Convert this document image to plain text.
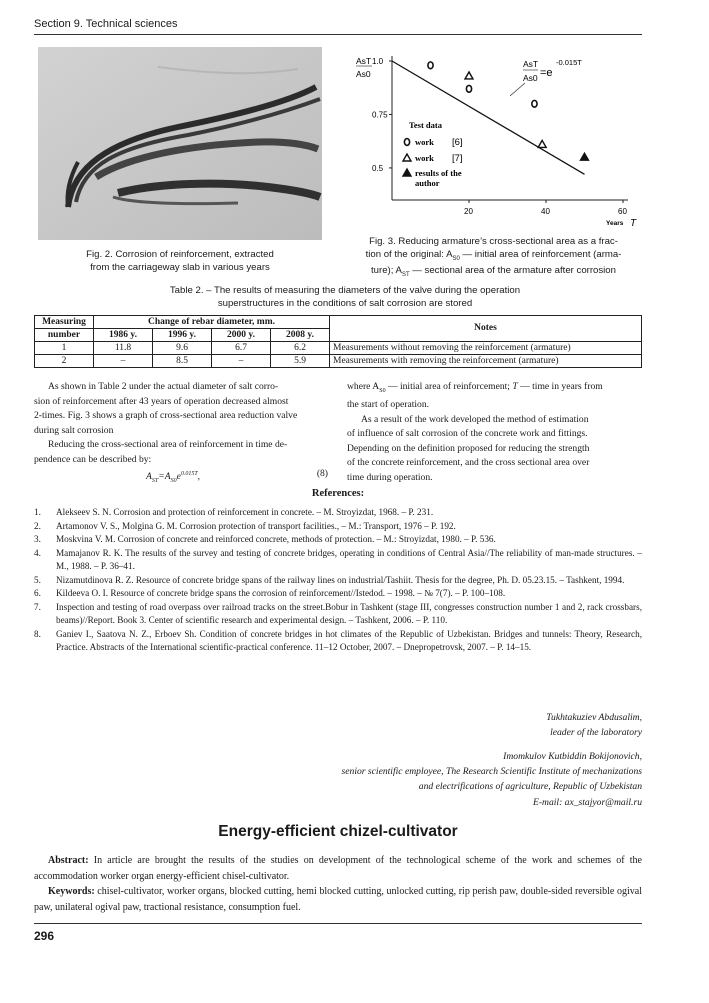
Section 9. Technical sciences
Fig. 2. Corrosion of reinforcement, extracted
from the carriageway slab in various years
AsT
As0
20	40	60
1.0
0.75
0.5
AsT
As0 =e
-0.015T
Test data
work [6]
work [7]
results of the author
Years T
Fig. 3. Reducing armature’s cross-sectional area as a frac-
tion of the original: $A_{S0}$ — initial area of reinforcement (arma-
ture); $A_{ST}$ — sectional area of the armature after corrosion
Table 2. – The results of measuring the diameters of the valve during the operation
superstructures in the conditions of salt corrosion are stored
Measuring	Change of rebar diameter, mm.				Notes
number	1986 y.	1996 y.	2000 y.	2008 y.	
1	11.8	9.6	6.7	6.2	Measurements without removing the reinforcement (armature)
2	–	8.5	–	5.9	Measurements with removing the reinforcement (armature)
As shown in Table 2 under the actual diameter of salt corro-
sion of reinforcement after 43 years of operation decreased almost
2-times. Fig. 3 shows a graph of cross-sectional area reduction valve
during salt corrosion
Reducing the cross-sectional area of reinforcement in time de-
pendence can be described by:
$A_{ST}=A_{S0}e^{0.015T}$,	(8)
where $A_{S0}$ — initial area of reinforcement; T — time in years from
the start of operation.
As a result of the work developed the method of estimation
of influence of salt corrosion of the concrete work and fittings.
Depending on the definition proposed for reducing the strength
of the concrete reinforcement, and the cross sectional area over
time during operation.
References:
1. Alekseev S. N. Corrosion and protection of reinforcement in concrete. – M. Stroyizdat, 1968. – P. 231.
2. Artamonov V. S., Molgina G. M. Corrosion protection of transport facilities., – M.: Transport, 1976 – P. 192.
3. Moskvina V. M. Corrosion of concrete and reinforced concrete, methods of protection. – M.: Stroyizdat, 1980. – P. 536.
4. Mamajanov R. K. The results of the survey and testing of concrete bridges, operating in conditions of Central Asia//The reliability of man-made structures. – M., 1988. – P. 36–41.
5. Nizamutdinova R. Z. Resource of concrete bridge spans of the railway lines on industrial/Tashiit. Thesis for the degree, Ph. D. 05.23.15. – Tashkent, 1994.
6. Kildeeva O. I. Resource of concrete bridge spans the corrosion of reinforcement//Istedod. – 1998. – № 7(7). – P. 100–108.
7. Inspection and testing of road overpass over railroad tracks on the street.Bobur in Tashkent (stage III, congresses construction number 1 and 2, rack crossbars, beams)//Report. Book 3. Center of scientific research and experimental design. – Tashkent, 2006. – P. 110.
8. Ganiev I., Saatova N. Z., Erboev Sh. Condition of concrete bridges in hot climates of the Republic of Uzbekistan. Bridges and tunnels: Theory, Research, Practice. Abstracts of the International scientific-practical conference. 11–12 October, 2007. – Dnepropetrovsk, 2007. – P. 14–15.
Tukhtakuziev Abdusalim,
leader of the laboratory
Imomkulov Kutbiddin Bokijonovich,
senior scientific employee, The Research Scientific Institute of mechanizations
and electrifications of agriculture, Republic of Uzbekistan
E-mail: ax_stajyor@mail.ru
Energy-efficient chizel-cultivator
Abstract: In article are brought the results of the studies on development of the technological scheme of the work and schemes of the accommodation worker organ energy-efficient chisel-cultivator.
Keywords: chisel-cultivator, worker organs, blocked cutting, hemi blocked cutting, unlocked cutting, rip perish paw, double-sided reversible ogival paw, unilateral ogival paw, tractional resistance, consumption fuel.
296
